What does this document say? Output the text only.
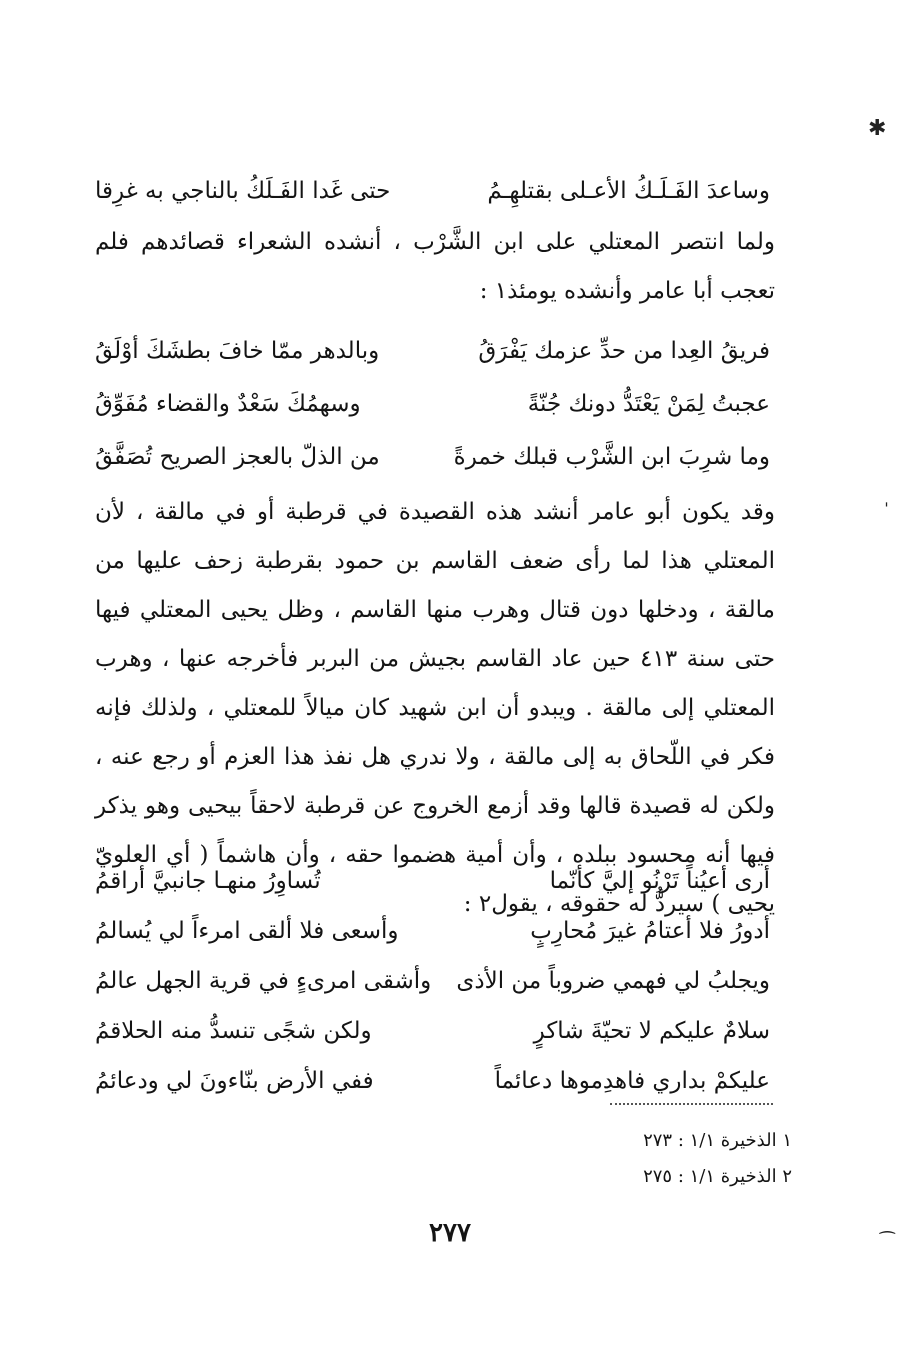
✱
وساعدَ الفَـلَـكُ الأعـلى بقتلهِـمُ
حتى غَدا الفَـلَكُ بالناجي به غرِقا

ولما انتصر المعتلي على ابن الشَّرْب ، أنشده الشعراء قصائدهم فلم تعجب أبا عامر وأنشده يومئذ١ :

فريقُ العِدا من حدِّ عزمك يَفْرَقُ
وبالدهر ممّا خافَ بطشَكَ أوْلَقُ
عجبتُ لِمَنْ يَعْتَدُّ دونك جُنّةً
وسهمُكَ سَعْدٌ والقضاء مُفَوِّقُ
وما شرِبَ ابن الشَّرْب قبلك خمرةً
من الذلّ بالعجز الصريح تُصَفَّقُ

وقد يكون أبو عامر أنشد هذه القصيدة في قرطبة أو في مالقة ، لأن المعتلي هذا لما رأى ضعف القاسم بن حمود بقرطبة زحف عليها من مالقة ، ودخلها دون قتال وهرب منها القاسم ، وظل يحيى المعتلي فيها حتى سنة ٤١٣ حين عاد القاسم بجيش من البربر فأخرجه عنها ، وهرب المعتلي إلى مالقة . ويبدو أن ابن شهيد كان ميالاً للمعتلي ، ولذلك فإنه فكر في اللّحاق به إلى مالقة ، ولا ندري هل نفذ هذا العزم أو رجع عنه ، ولكن له قصيدة قالها وقد أزمع الخروج عن قرطبة لاحقاً بيحيى وهو يذكر فيها أنه محسود ببلده ، وأن أمية هضموا حقه ، وأن هاشماً ( أي العلويّ يحيى ) سيردُّ له حقوقه ، يقول٢ :

أرى أعيُناً تَرْنُو إليَّ كأنّما
تُساوِرُ منهـا جانبيَّ أراقمُ
أدورُ فلا أعتامُ غيرَ مُحارِبٍ
وأسعى فلا ألقى امرءاً لي يُسالمُ
ويجلبُ لي فهمي ضروباً من الأذى
وأشقى امرىءٍ في قرية الجهل عالمُ
سلامٌ عليكم لا تحيّةَ شاكرٍ
ولكن شجًى تنسدُّ منه الحلاقمُ
عليكمْ بداري فاهدِموها دعائماً
ففي الأرض بنّاءونَ لي ودعائمُ
١ الذخيرة ١/١ : ٢٧٣
٢ الذخيرة ١/١ : ٢٧٥
٢٧٧
ˈ
⁀
